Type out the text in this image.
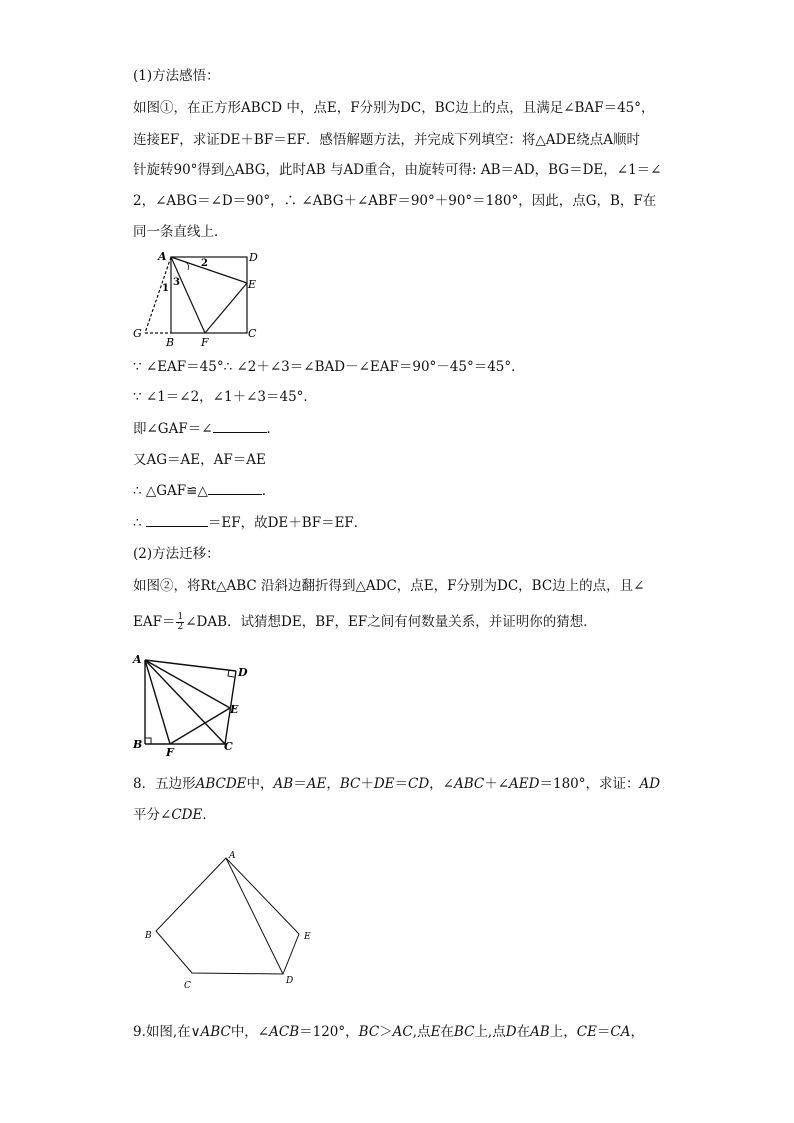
(1)方法感悟：
如图①，在正方形ABCD 中，点E，F分别为DC，BC边上的点，且满足∠BAF＝45°，
连接EF，求证DE＋BF＝EF．感悟解题方法，并完成下列填空：将△ADE绕点A顺时
针旋转90°得到△ABG，此时AB 与AD重合，由旋转可得: AB＝AD，BG＝DE，∠1＝∠
2，∠ABG＝∠D＝90°，∴ ∠ABG＋∠ABF＝90°＋90°＝180°，因此，点G，B，F在
同一条直线上．
A	D
E
C
B F
G
1
2
3
∵ ∠EAF＝45°∴ ∠2＋∠3＝∠BAD－∠EAF＝90°－45°＝45°．
∵ ∠1＝∠2，∠1＋∠3＝45°．
即∠GAF＝∠	．
又AG＝AE，AF＝AE
∴ △GAF≌△	．
∴	＝EF，故DE＋BF＝EF．
(2)方法迁移：
如图②，将Rt△ABC 沿斜边翻折得到△ADC，点E，F分别为DC，BC边上的点，且∠
$EAF= \frac{1}{2}$ ∠DAB．试猜想DE，BF，EF之间有何数量关系，并证明你的猜想．
A
D
E
B
F	C
8．五边形ABCDE中，AB＝AE，BC＋DE＝CD，∠ABC＋∠AED＝180°，求证：AD
平分∠CDE．
A
B
C	D
E
9.如图,在∨ABC中，∠ACB＝120°，BC＞AC,点E在BC上,点D在AB上，CE＝CA，
